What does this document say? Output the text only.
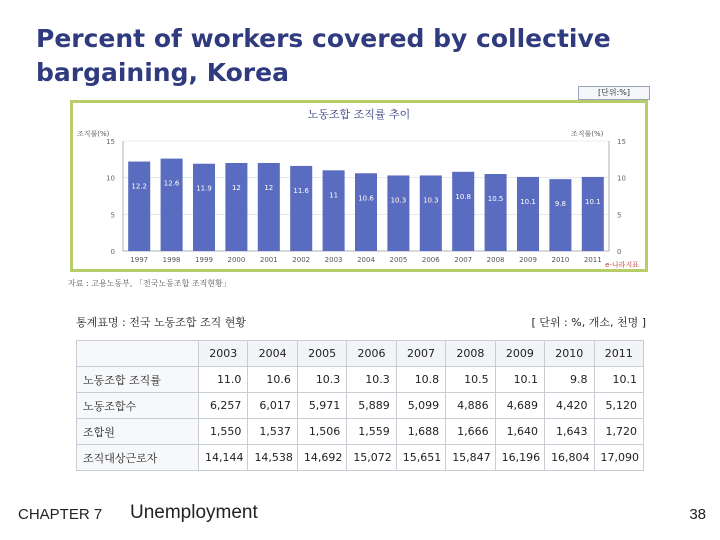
Percent of workers covered by collective bargaining, Korea
[단위:%]
노동조합 조직률 추이
조직률(%)	조직률(%)
0	0
5	5
10	10
15	15
12.2
1997
12.6
1998
11.9
1999
12
2000
12
2001
11.6
2002
11
2003
10.6
2004
10.3
2005
10.3
2006
10.8
2007
10.5
2008
10.1
2009
9.8
2010
10.1
2011
e-나라지표
자료 : 고용노동부, 「전국노동조합 조직현황」
통계표명 : 전국 노동조합 조직 현황	[ 단위 : %, 개소, 천명 ]
	2003	2004	2005	2006	2007	2008	2009	2010	2011
노동조합 조직률	11.0	10.6	10.3	10.3	10.8	10.5	10.1	9.8	10.1
노동조합수	6,257	6,017	5,971	5,889	5,099	4,886	4,689	4,420	5,120
조합원	1,550	1,537	1,506	1,559	1,688	1,666	1,640	1,643	1,720
조직대상근로자	14,144	14,538	14,692	15,072	15,651	15,847	16,196	16,804	17,090
CHAPTER 7 Unemployment	38
